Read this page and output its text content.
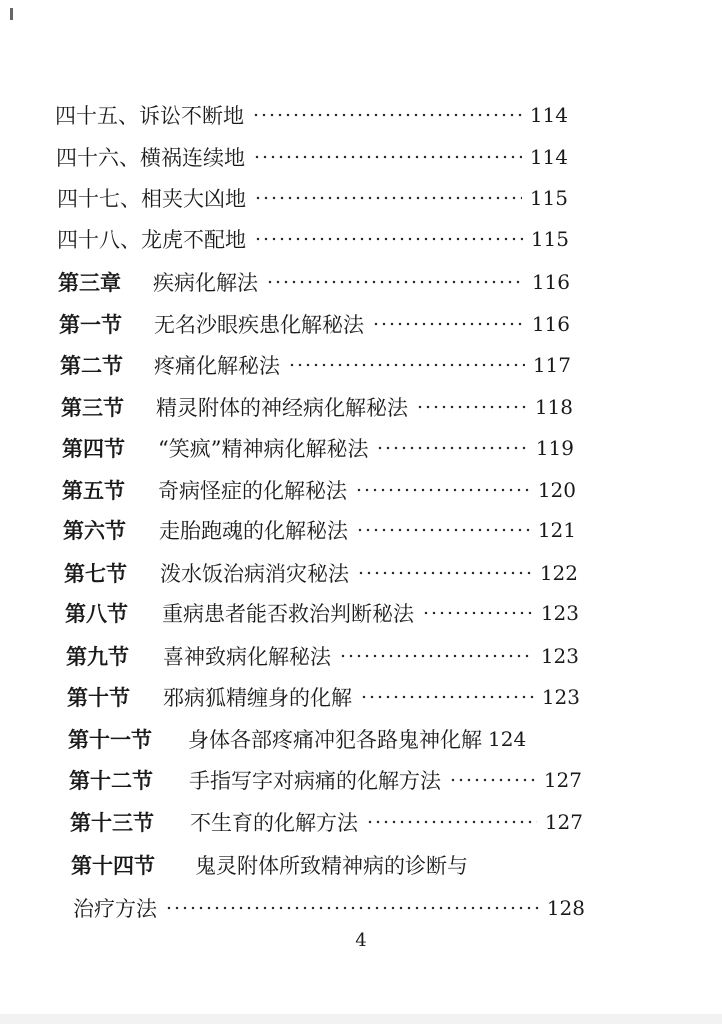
四十五、诉讼不断地	114
四十六、横祸连续地	114
四十七、相夹大凶地	115
四十八、龙虎不配地	115
第三章	疾病化解法	116
第一节	无名沙眼疾患化解秘法	116
第二节	疼痛化解秘法	117
第三节	精灵附体的神经病化解秘法	118
第四节	“笑疯”精神病化解秘法	119
第五节	奇病怪症的化解秘法	120
第六节	走胎跑魂的化解秘法	121
第七节	泼水饭治病消灾秘法	122
第八节	重病患者能否救治判断秘法	123
第九节	喜神致病化解秘法	123
第十节	邪病狐精缠身的化解	123
第十一节	身体各部疼痛冲犯各路鬼神化解 124
第十二节	手指写字对病痛的化解方法	127
第十三节	不生育的化解方法	127
第十四节	鬼灵附体所致精神病的诊断与
治疗方法	128
4
